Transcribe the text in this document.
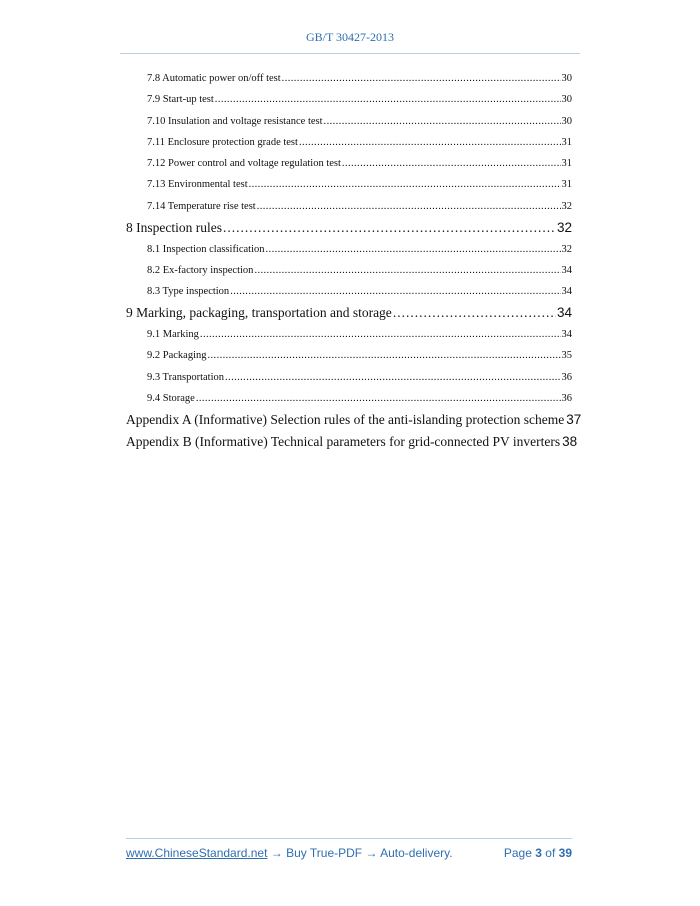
GB/T 30427-2013
7.8 Automatic power on/off test .....	30
7.9 Start-up test .....	30
7.10 Insulation and voltage resistance test .....	30
7.11 Enclosure protection grade test .....	31
7.12 Power control and voltage regulation test .....	31
7.13 Environmental test .....	31
7.14 Temperature rise test .....	32
8 Inspection rules .....	32
8.1 Inspection classification .....	32
8.2 Ex-factory inspection .....	34
8.3 Type inspection .....	34
9 Marking, packaging, transportation and storage .....	34
9.1 Marking .....	34
9.2 Packaging .....	35
9.3 Transportation .....	36
9.4 Storage .....	36
Appendix A (Informative) Selection rules of the anti-islanding protection scheme 37
Appendix B (Informative) Technical parameters for grid-connected PV inverters 38
www.ChineseStandard.net → Buy True-PDF → Auto-delivery.	Page 3 of 39
